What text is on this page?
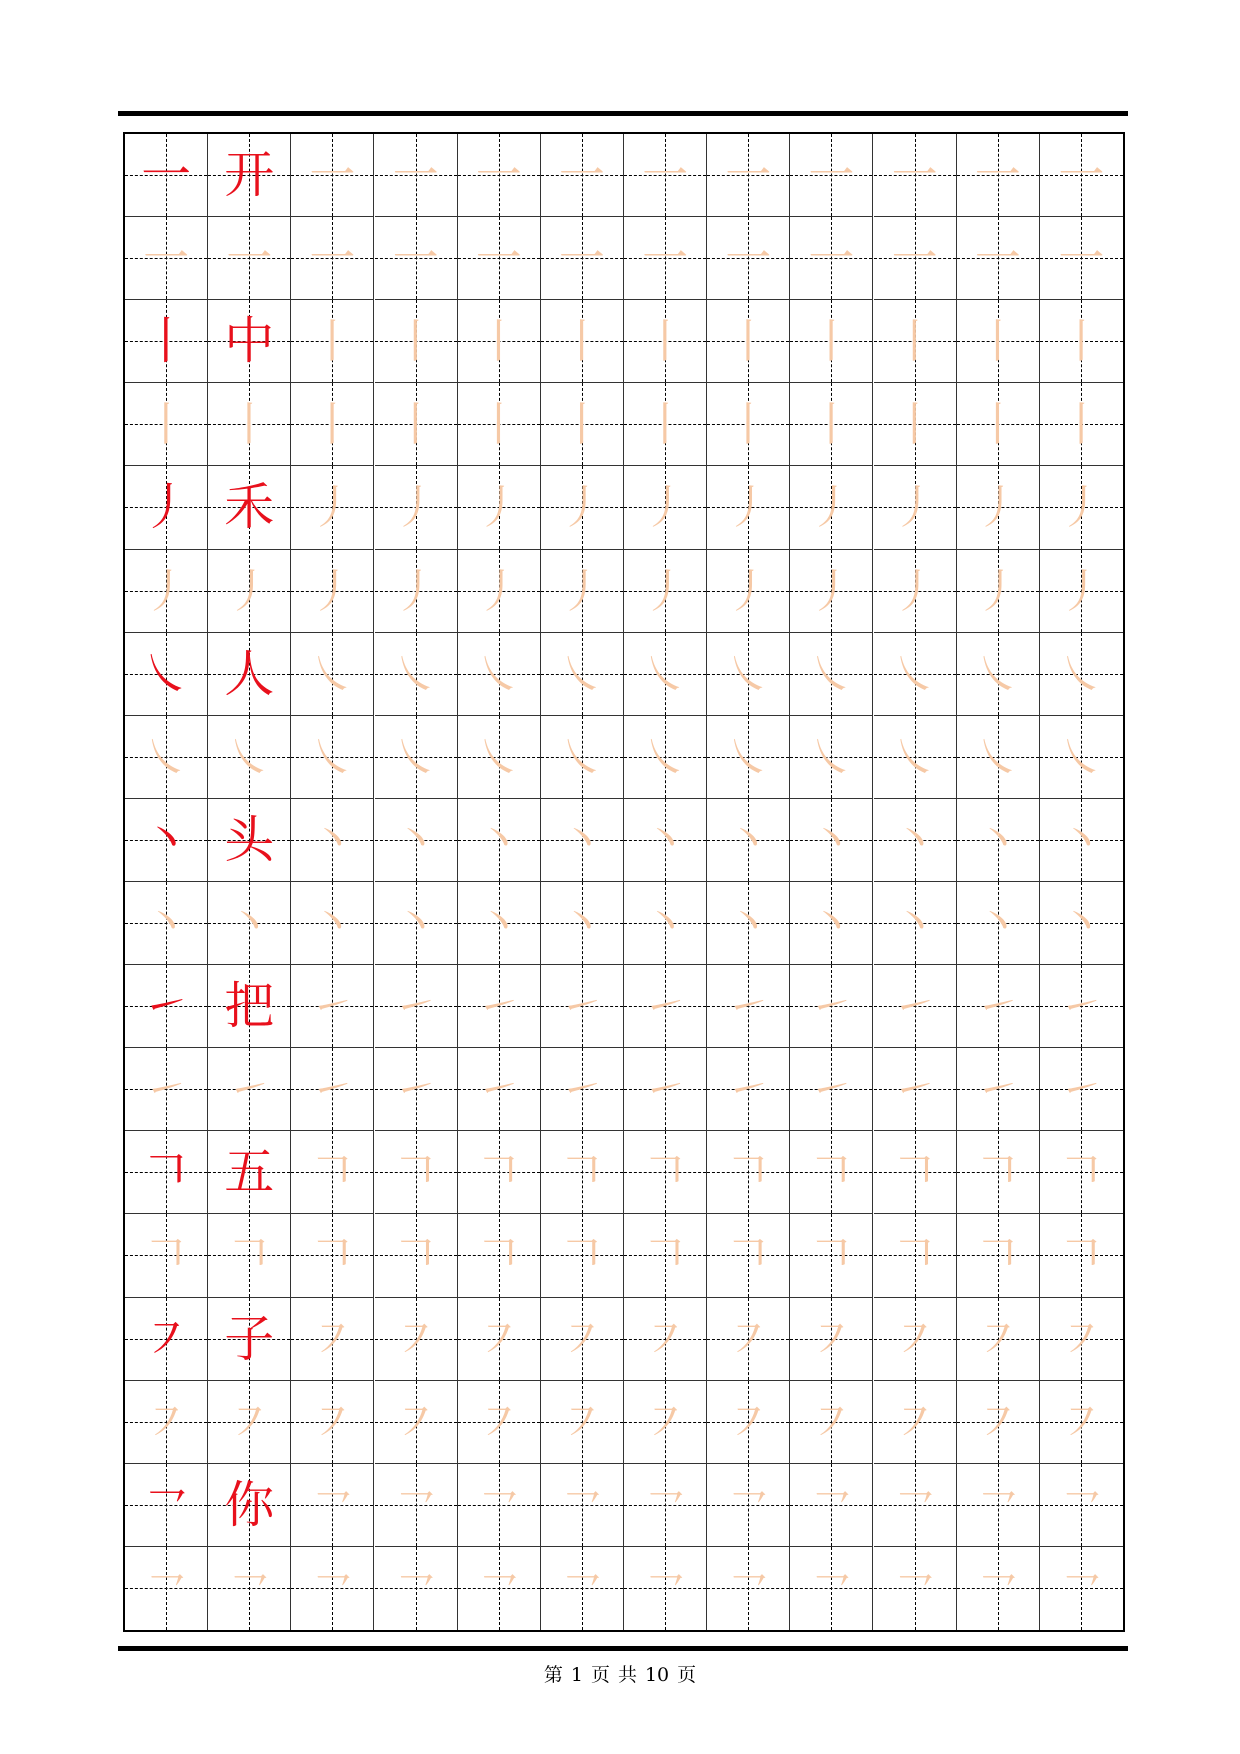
一 开 一 一 一 一 一 一 一 一 一 一
一 一 一 一 一 一 一 一 一 一 一 一
丨 中 丨 丨 丨 丨 丨 丨 丨 丨 丨 丨
丨 丨 丨 丨 丨 丨 丨 丨 丨 丨 丨 丨
丿 禾 丿 丿 丿 丿 丿 丿 丿 丿 丿 丿
丿 丿 丿 丿 丿 丿 丿 丿 丿 丿 丿 丿
㇏ 人 ㇏ ㇏ ㇏ ㇏ ㇏ ㇏ ㇏ ㇏ ㇏ ㇏
㇏ ㇏ ㇏ ㇏ ㇏ ㇏ ㇏ ㇏ ㇏ ㇏ ㇏ ㇏
丶 头 丶 丶 丶 丶 丶 丶 丶 丶 丶 丶
丶 丶 丶 丶 丶 丶 丶 丶 丶 丶 丶 丶
㇀ 把 ㇀ ㇀ ㇀ ㇀ ㇀ ㇀ ㇀ ㇀ ㇀ ㇀
㇀ ㇀ ㇀ ㇀ ㇀ ㇀ ㇀ ㇀ ㇀ ㇀ ㇀ ㇀
𠃍 五 𠃍 𠃍 𠃍 𠃍 𠃍 𠃍 𠃍 𠃍 𠃍 𠃍
𠃍 𠃍 𠃍 𠃍 𠃍 𠃍 𠃍 𠃍 𠃍 𠃍 𠃍 𠃍
㇇ 子 ㇇ ㇇ ㇇ ㇇ ㇇ ㇇ ㇇ ㇇ ㇇ ㇇
㇇ ㇇ ㇇ ㇇ ㇇ ㇇ ㇇ ㇇ ㇇ ㇇ ㇇ ㇇
㇖ 你 ㇖ ㇖ ㇖ ㇖ ㇖ ㇖ ㇖ ㇖ ㇖ ㇖
㇖ ㇖ ㇖ ㇖ ㇖ ㇖ ㇖ ㇖ ㇖ ㇖ ㇖ ㇖
第 1 页 共 10 页
